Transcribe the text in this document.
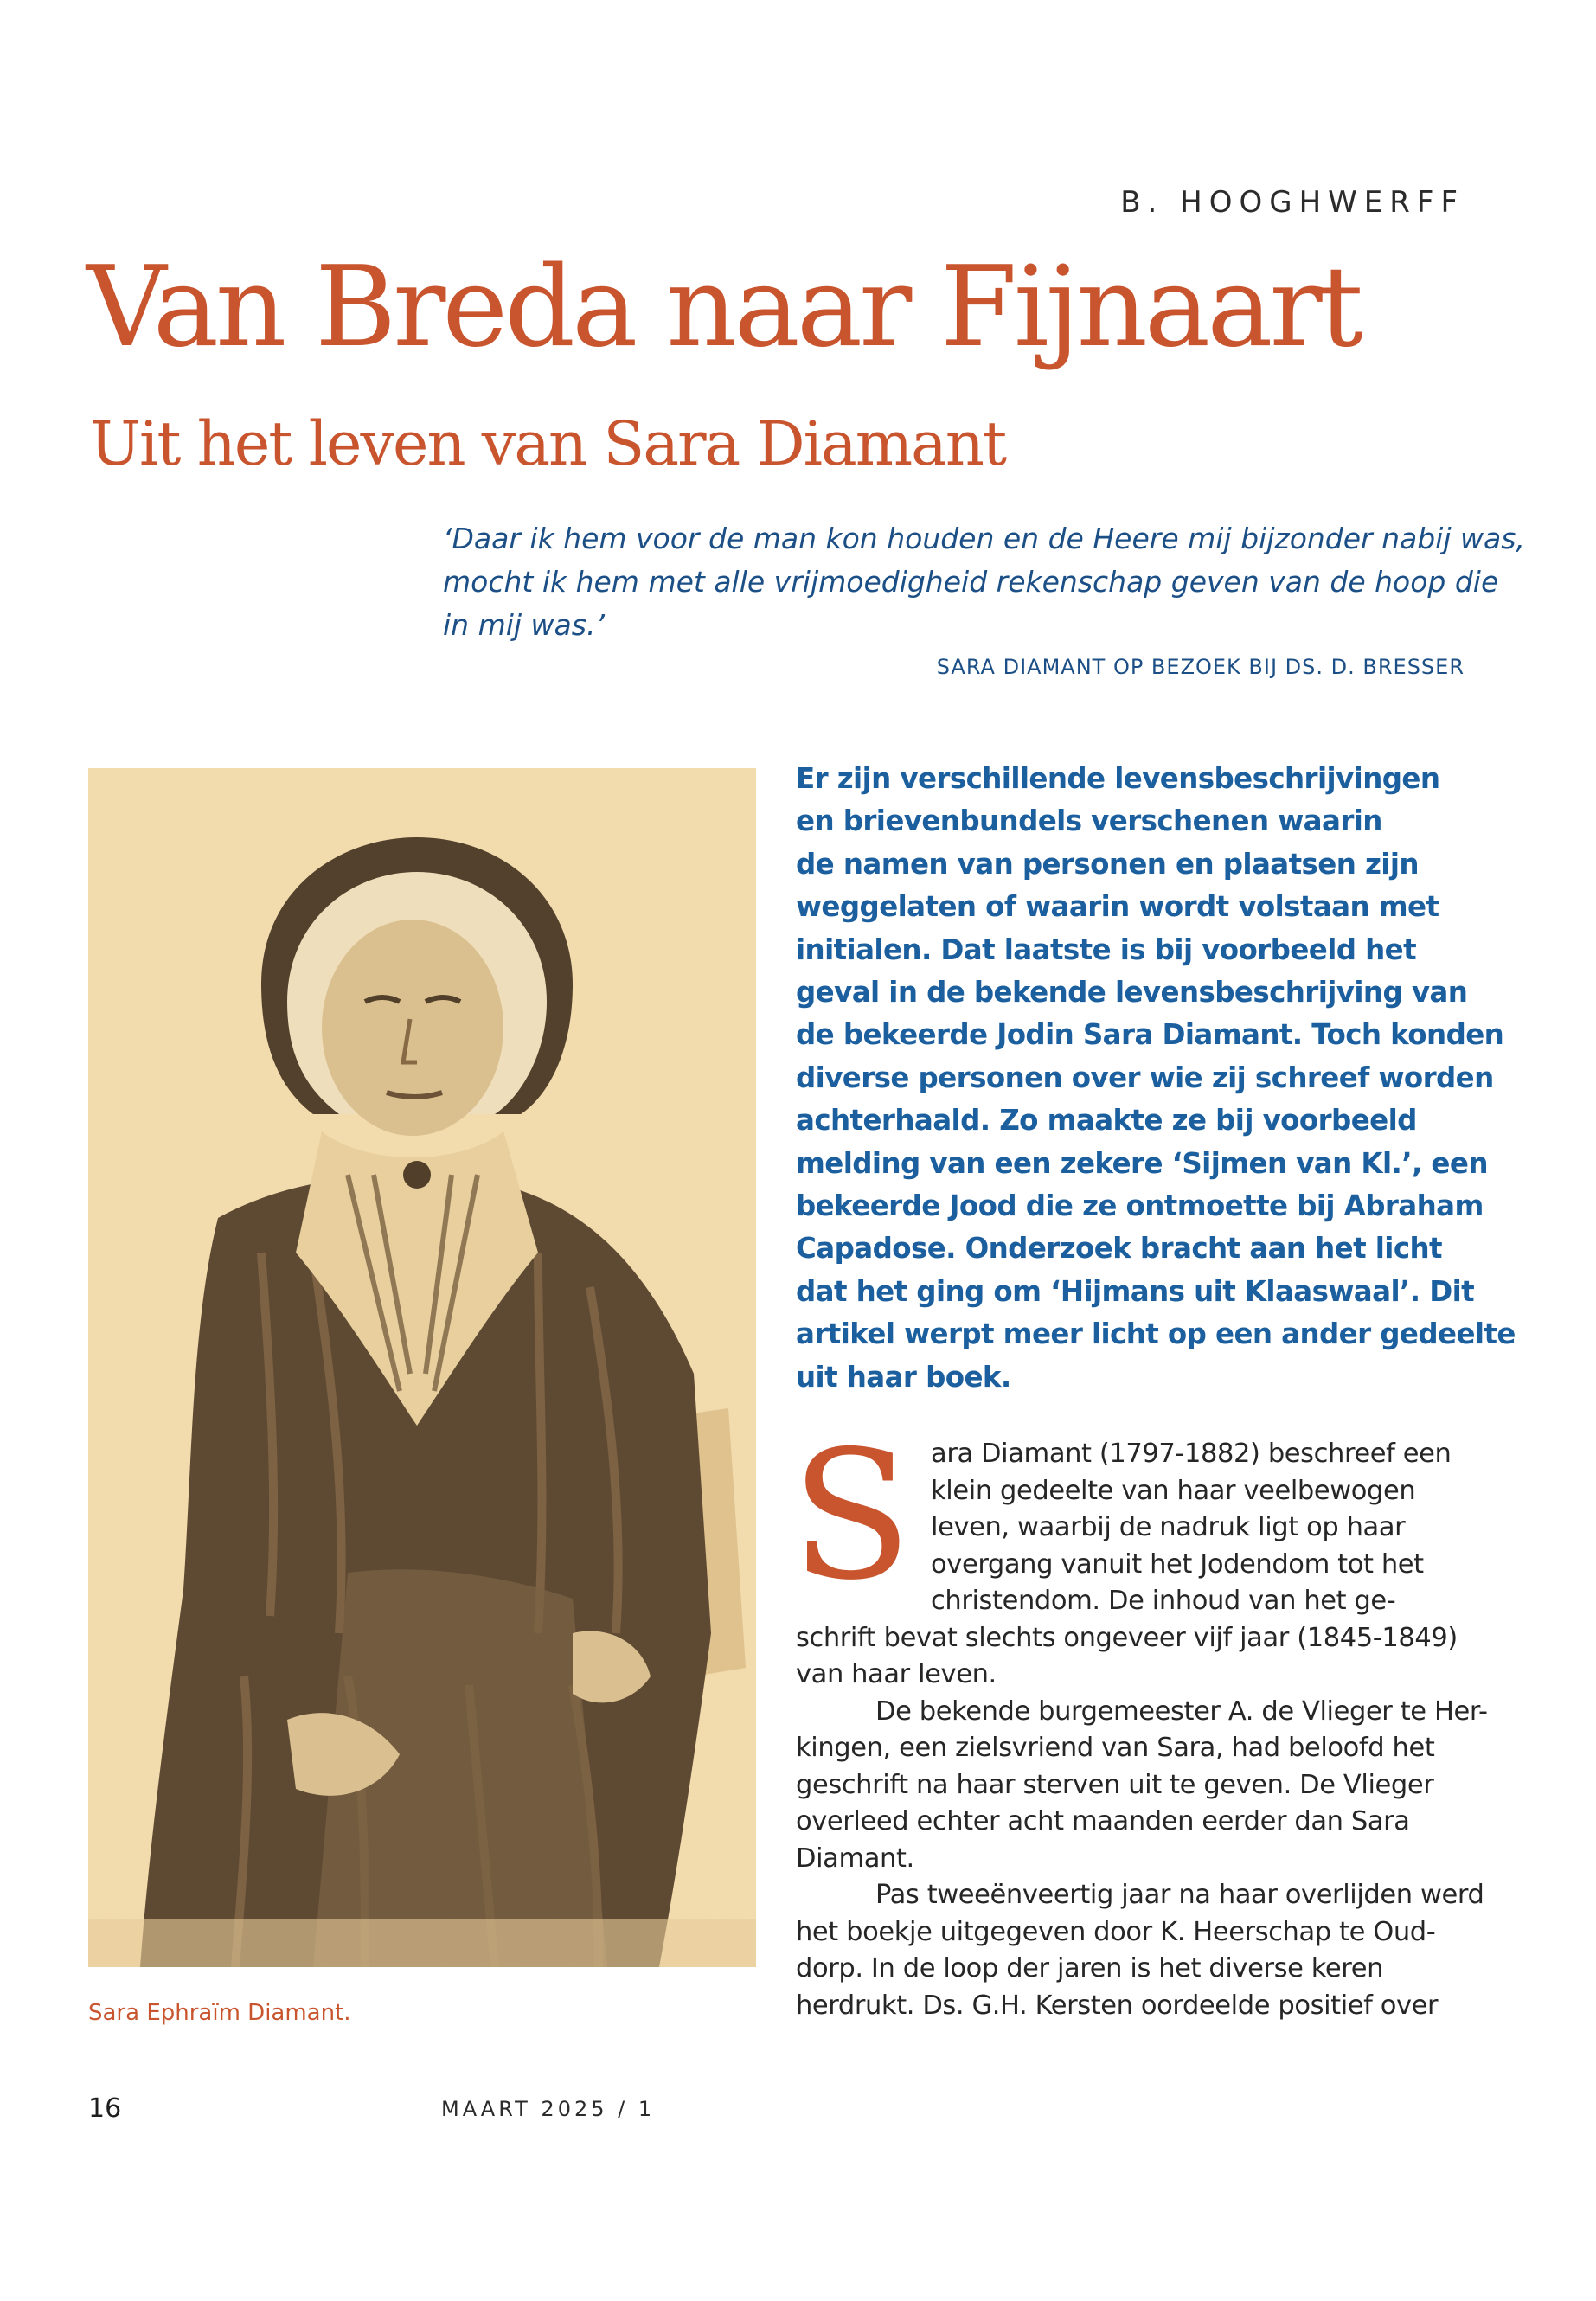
B. HOOGHWERFF
Van Breda naar Fijnaart
Uit het leven van Sara Diamant
‘Daar ik hem voor de man kon houden en de Heere mij bijzonder nabij was,
mocht ik hem met alle vrijmoedigheid rekenschap geven van de hoop die
in mij was.’
SARA DIAMANT OP BEZOEK BIJ DS. D. BRESSER
Sara Ephraïm Diamant.
Er zijn verschillende levensbeschrijvingen
en brievenbundels verschenen waarin
de namen van personen en plaatsen zijn
weggelaten of waarin wordt volstaan met
initialen. Dat laatste is bij voorbeeld het
geval in de bekende levensbeschrijving van
de bekeerde Jodin Sara Diamant. Toch konden
diverse personen over wie zij schreef worden
achterhaald. Zo maakte ze bij voorbeeld
melding van een zekere ‘Sijmen van Kl.’, een
bekeerde Jood die ze ontmoette bij Abraham
Capadose. Onderzoek bracht aan het licht
dat het ging om ‘Hijmans uit Klaaswaal’. Dit
artikel werpt meer licht op een ander gedeelte
uit haar boek.

S ara Diamant (1797-1882) beschreef een
klein gedeelte van haar veelbewogen
leven, waarbij de nadruk ligt op haar
overgang vanuit het Jodendom tot het
christendom. De inhoud van het ge-
schrift bevat slechts ongeveer vijf jaar (1845-1849)
van haar leven.

De bekende burgemeester A. de Vlieger te Her-
kingen, een zielsvriend van Sara, had beloofd het
geschrift na haar sterven uit te geven. De Vlieger
overleed echter acht maanden eerder dan Sara
Diamant.

Pas tweeënveertig jaar na haar overlijden werd
het boekje uitgegeven door K. Heerschap te Oud-
dorp. In de loop der jaren is het diverse keren
herdrukt. Ds. G.H. Kersten oordeelde positief over

16	MAART 2025 / 1
